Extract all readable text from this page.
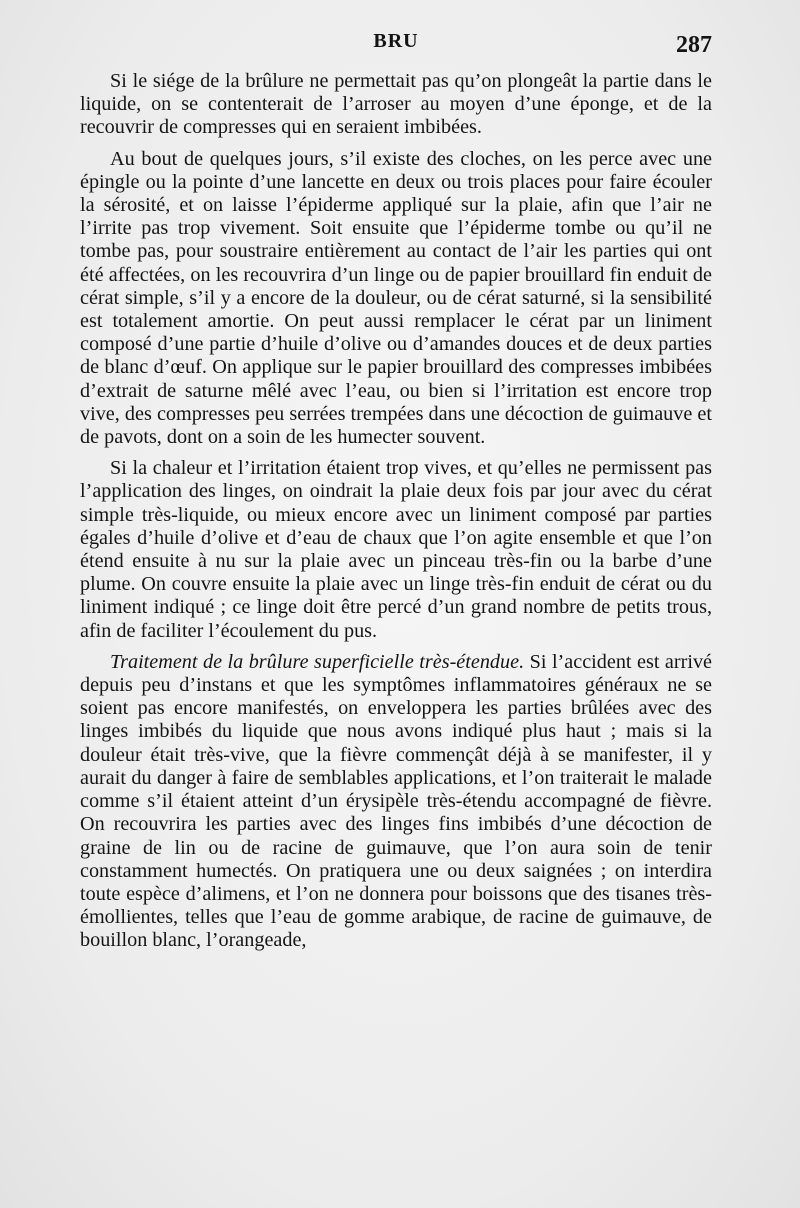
BRU	287

Si le siége de la brûlure ne permettait pas qu’on plongeât la partie dans le liquide, on se contenterait de l’arroser au moyen d’une éponge, et de la recouvrir de compresses qui en seraient imbibées.

Au bout de quelques jours, s’il existe des cloches, on les perce avec une épingle ou la pointe d’une lancette en deux ou trois places pour faire écouler la sérosité, et on laisse l’épiderme appliqué sur la plaie, afin que l’air ne l’irrite pas trop vivement. Soit ensuite que l’épiderme tombe ou qu’il ne tombe pas, pour soustraire entièrement au contact de l’air les parties qui ont été affectées, on les recouvrira d’un linge ou de papier brouillard fin enduit de cérat simple, s’il y a encore de la douleur, ou de cérat saturné, si la sensibilité est totalement amortie. On peut aussi remplacer le cérat par un liniment composé d’une partie d’huile d’olive ou d’amandes douces et de deux parties de blanc d’œuf. On applique sur le papier brouillard des compresses imbibées d’extrait de saturne mêlé avec l’eau, ou bien si l’irritation est encore trop vive, des compresses peu serrées trempées dans une décoction de guimauve et de pavots, dont on a soin de les humecter souvent.

Si la chaleur et l’irritation étaient trop vives, et qu’elles ne permissent pas l’application des linges, on oindrait la plaie deux fois par jour avec du cérat simple très-liquide, ou mieux encore avec un liniment composé par parties égales d’huile d’olive et d’eau de chaux que l’on agite ensemble et que l’on étend ensuite à nu sur la plaie avec un pinceau très-fin ou la barbe d’une plume. On couvre ensuite la plaie avec un linge très-fin enduit de cérat ou du liniment indiqué ; ce linge doit être percé d’un grand nombre de petits trous, afin de faciliter l’écoulement du pus.

Traitement de la brûlure superficielle très-étendue. Si l’accident est arrivé depuis peu d’instans et que les symptômes inflammatoires généraux ne se soient pas encore manifestés, on enveloppera les parties brûlées avec des linges imbibés du liquide que nous avons indiqué plus haut ; mais si la douleur était très-vive, que la fièvre commençât déjà à se manifester, il y aurait du danger à faire de semblables applications, et l’on traiterait le malade comme s’il étaient atteint d’un érysipèle très-étendu accompagné de fièvre. On recouvrira les parties avec des linges fins imbibés d’une décoction de graine de lin ou de racine de guimauve, que l’on aura soin de tenir constamment humectés. On pratiquera une ou deux saignées ; on interdira toute espèce d’alimens, et l’on ne donnera pour boissons que des tisanes très-émollientes, telles que l’eau de gomme arabique, de racine de guimauve, de bouillon blanc, l’orangeade,
